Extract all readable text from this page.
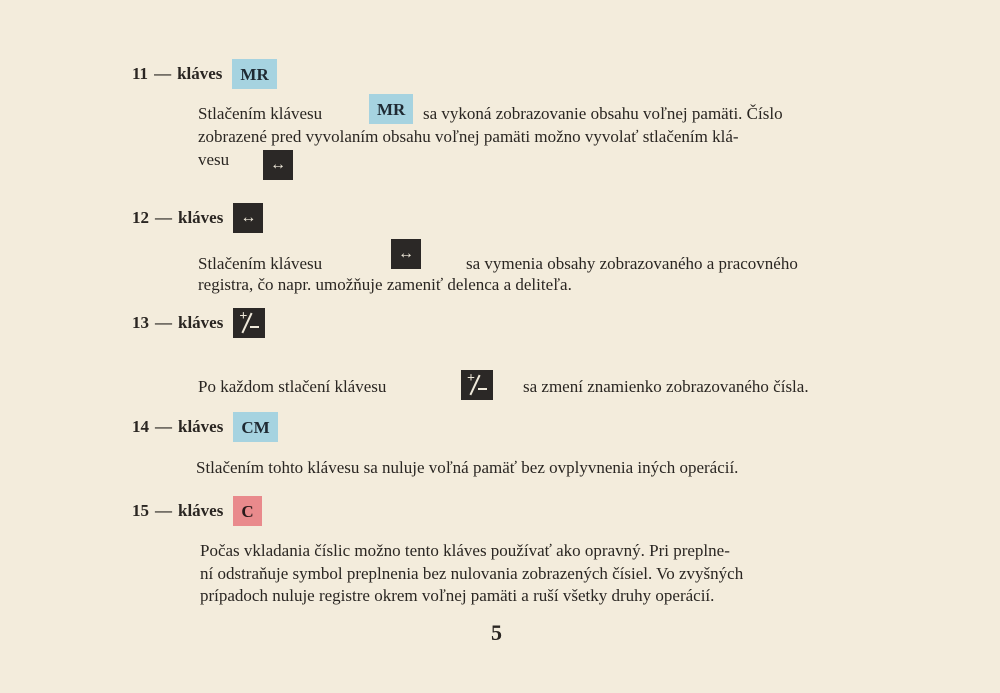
11 — kláves	MR
Stlačením klávesu	MR	sa vykoná zobrazovanie obsahu voľnej pamäti. Číslo
zobrazené pred vyvolaním obsahu voľnej pamäti možno vyvolať stlačením klá-
vesu	↔
12 — kláves	↔
Stlačením klávesu
↔
sa vymenia obsahy zobrazovaného a pracovného
registra, čo napr. umožňuje zameniť delenca a deliteľa.
13 — kláves +
Po každom stlačení klávesu	+	sa zmení znamienko zobrazovaného čísla.
14 — kláves	CM
Stlačením tohto klávesu sa nuluje voľná pamäť bez ovplyvnenia iných operácií.
15 — kláves	C
Počas vkladania čísliс možno tento kláves používať ako opravný. Pri preplne-
ní odstraňuje symbol preplnenia bez nulovania zobrazených čísiel. Vo zvyšných
prípadoch nuluje registre okrem voľnej pamäti a ruší všetky druhy operácií.
5
